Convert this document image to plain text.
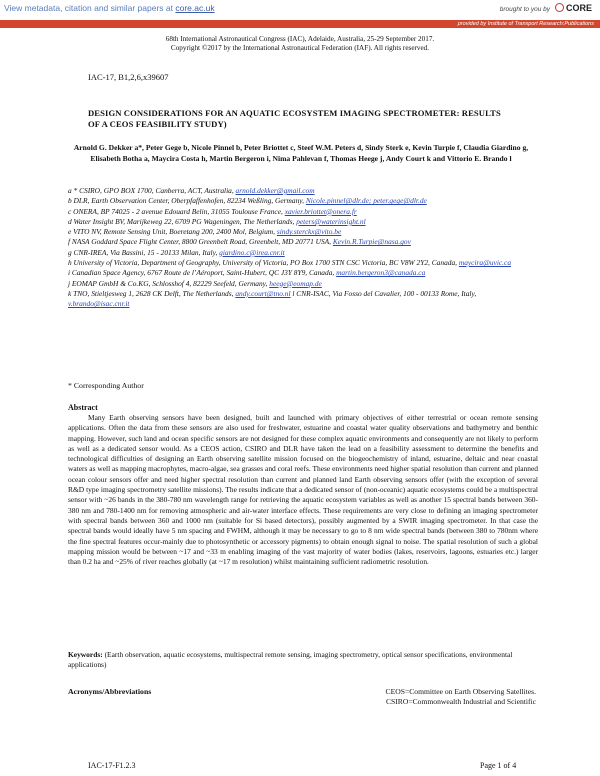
View metadata, citation and similar papers at core.ac.uk	brought to you by	CORE
provided by Institute of Transport Research:Publications
68th International Astronautical Congress (IAC), Adelaide, Australia, 25-29 September 2017.
Copyright ©2017 by the International Astronautical Federation (IAF). All rights reserved.
IAC-17, B1,2,6,x39607
DESIGN CONSIDERATIONS FOR AN AQUATIC ECOSYSTEM IMAGING SPECTROMETER: RESULTS OF A CEOS FEASIBILITY STUDY)
Arnold G. Dekker a*, Peter Gege b, Nicole Pinnel b, Peter Briottet c, Steef W.M. Peters d, Sindy Sterk e, Kevin Turpie f, Claudia Giardino g, Elisabeth Botha a, Maycira Costa h, Martin Bergeron i, Nima Pahlevan f, Thomas Heege j, Andy Court k and Vittorio E. Brando l
a * CSIRO, GPO BOX 1700, Canberra, ACT, Australia, arnold.dekker@gmail.com
b DLR, Earth Observation Center, Oberpfaffenhofen, 82234 Weßling, Germany, Nicole.pinnel@dlr.de; peter.gege@dlr.de
c ONERA, BP 74025 - 2 avenue Edouard Belin, 31055 Toulouse France, xavier.briottet@onera.fr
d Water Insight BV, Marijkeweg 22, 6709 PG Wageningen, The Netherlands, peters@waterinsight.nl
e VITO NV, Remote Sensing Unit, Boeretang 200, 2400 Mol, Belgium, sindy.sterckx@vito.be
f NASA Goddard Space Flight Center, 8800 Greenbelt Road, Greenbelt, MD 20771 USA, Kevin.R.Turpie@nasa.gov
g CNR-IREA, Via Bassini, 15 - 20133 Milan, Italy, giardino.c@irea.cnr.it
h University of Victoria, Department of Geography, University of Victoria, PO Box 1700 STN CSC Victoria, BC V8W 2Y2, Canada, maycira@uvic.ca
i Canadian Space Agency, 6767 Route de l’Aéroport, Saint-Hubert, QC J3Y 8Y9, Canada, martin.bergeron3@canada.ca
j EOMAP GmbH & Co.KG, Schlosshof 4, 82229 Seefeld, Germany, heege@eomap.de
k TNO, Stieltjesweg 1, 2628 CK Delft, The Netherlands, andy.court@tno.nl l CNR-ISAC, Via Fosso del Cavalier, 100 - 00133 Rome, Italy, v.brando@isac.cnr.it
* Corresponding Author
Abstract
Many Earth observing sensors have been designed, built and launched with primary objectives of either terrestrial or ocean remote sensing applications. Often the data from these sensors are also used for freshwater, estuarine and coastal water quality observations and bathymetry and benthic mapping. However, such land and ocean specific sensors are not designed for these complex aquatic environments and consequently are not likely to perform as well as a dedicated sensor would. As a CEOS action, CSIRO and DLR have taken the lead on a feasibility assessment to determine the benefits and technological difficulties of designing an Earth observing satellite mission focused on the biogeochemistry of inland, estuarine, deltaic and near coastal waters as well as mapping macrophytes, macro-algae, sea grasses and coral reefs. These environments need higher spatial resolution than current and planned ocean colour sensors offer and need higher spectral resolution than current and planned land Earth observing sensors offer (with the exception of several R&D type imaging spectrometry satellite missions). The results indicate that a dedicated sensor of (non-oceanic) aquatic ecosystems could be a multispectral sensor with ~26 bands in the 380-780 nm wavelength range for retrieving the aquatic ecosystem variables as well as another 15 spectral bands between 360-380 nm and 780-1400 nm for removing atmospheric and air-water interface effects. These requirements are very close to defining an imaging spectrometer with spectral bands between 360 and 1000 nm (suitable for Si based detectors), possibly augmented by a SWIR imaging spectrometer. In that case the spectral bands would ideally have 5 nm spacing and FWHM, although it may be necessary to go to 8 nm wide spectral bands (between 380 to 780nm where the fine spectral features occur-mainly due to photosynthetic or accessory pigments) to obtain enough signal to noise. The spatial resolution of such a global mapping mission would be between ~17 and ~33 m enabling imaging of the vast majority of water bodies (lakes, reservoirs, lagoons, estuaries etc.) larger than 0.2 ha and ~25% of river reaches globally (at ~17 m resolution) whilst maintaining sufficient radiometric resolution.
Keywords: (Earth observation, aquatic ecosystems, multispectral remote sensing, imaging spectrometry, optical sensor specifications, environmental applications)
Acronyms/Abbreviations	CEOS=Committee on Earth Observing Satellites.
CSIRO=Commonwealth Industrial and Scientific
IAC-17-F1.2.3	Page 1 of 4
